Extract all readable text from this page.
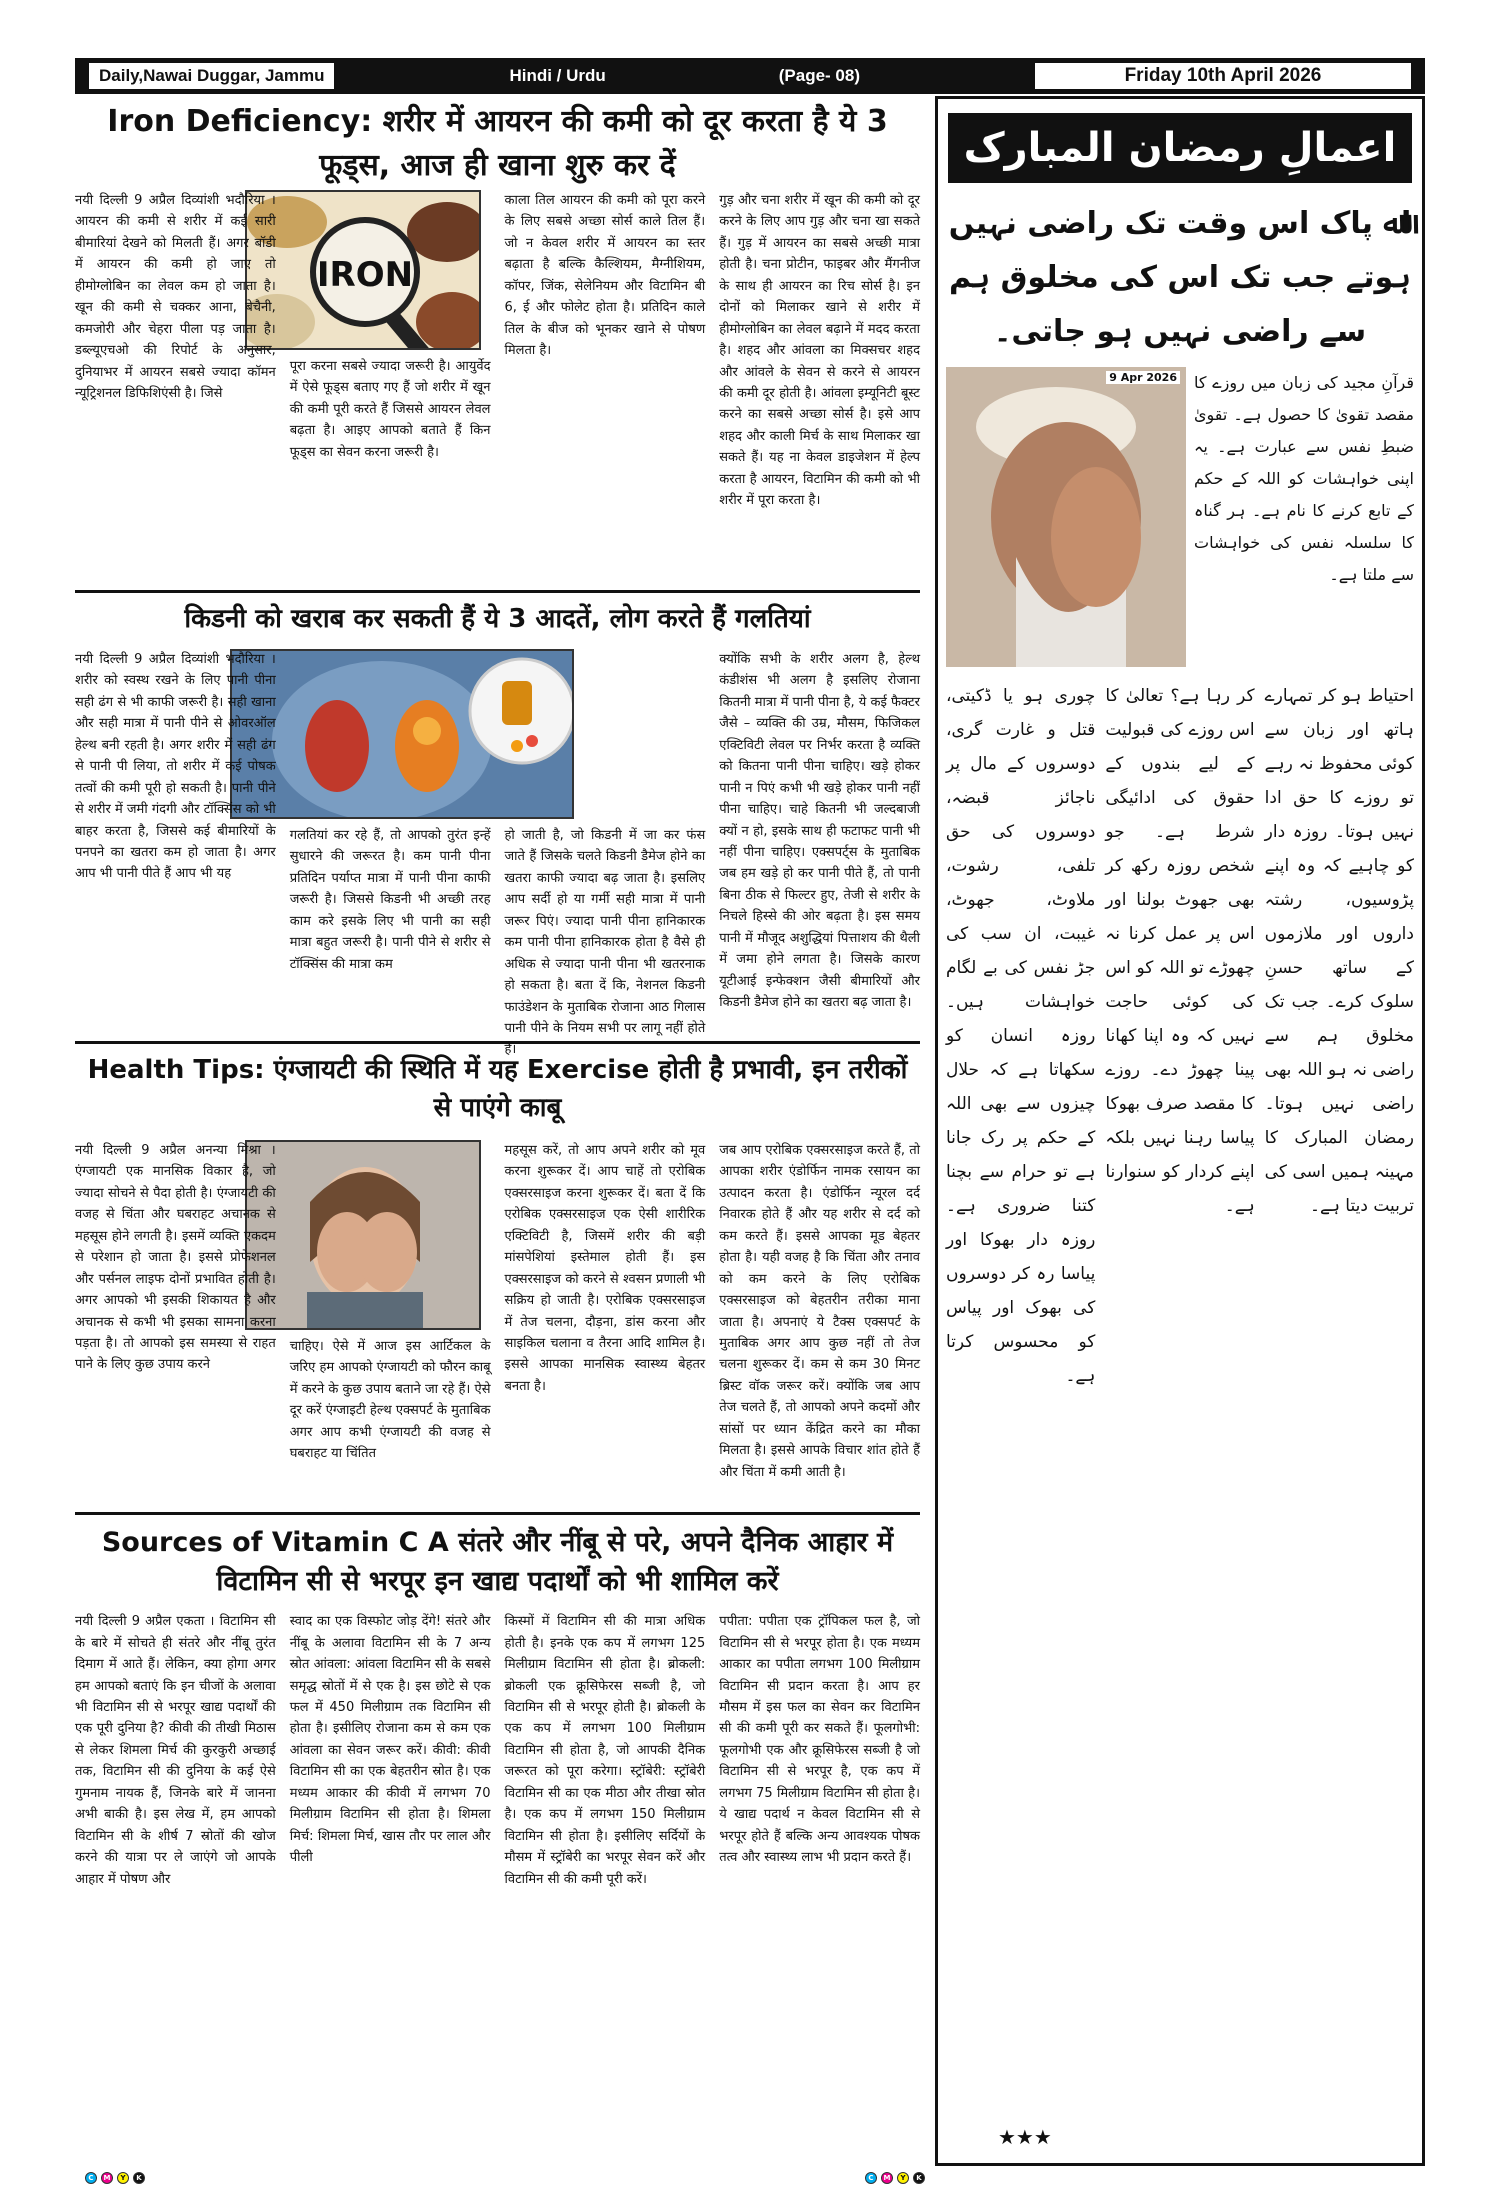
Daily,Nawai Duggar, Jammu	Hindi / Urdu	(Page- 08)	Friday 10th April 2026
Iron Deficiency: शरीर में आयरन की कमी को दूर करता है ये 3 फूड्स, आज ही खाना शुरु कर दें
IRON

नयी दिल्ली 9 अप्रैल दिव्यांशी भदौरिया । आयरन की कमी से शरीर में कई सारी बीमारियां देखने को मिलती हैं। अगर बॉडी में आयरन की कमी हो जाए तो हीमोग्लोबिन का लेवल कम हो जाता है। खून की कमी से चक्कर आना, बेचैनी, कमजोरी और चेहरा पीला पड़ जाता है। डब्ल्यूएचओ की रिपोर्ट के अनुसार, दुनियाभर में आयरन सबसे ज्यादा कॉमन न्यूट्रिशनल डिफिशिएंसी है। जिसे

पूरा करना सबसे ज्यादा जरूरी है। आयुर्वेद में ऐसे फूड्स बताए गए हैं जो शरीर में खून की कमी पूरी करते हैं जिससे आयरन लेवल बढ़ता है। आइए आपको बताते हैं किन फूड्स का सेवन करना जरूरी है।

काला तिल आयरन की कमी को पूरा करने के लिए सबसे अच्छा सोर्स काले तिल हैं। जो न केवल शरीर में आयरन का स्तर बढ़ाता है बल्कि कैल्शियम, मैग्नीशियम, कॉपर, जिंक, सेलेनियम और विटामिन बी 6, ई और फोलेट होता है। प्रतिदिन काले तिल के बीज को भूनकर खाने से पोषण मिलता है।

गुड़ और चना शरीर में खून की कमी को दूर करने के लिए आप गुड़ और चना खा सकते हैं। गुड़ में आयरन का सबसे अच्छी मात्रा होती है। चना प्रोटीन, फाइबर और मैंगनीज के साथ ही आयरन का रिच सोर्स है। इन दोनों को मिलाकर खाने से शरीर में हीमोग्लोबिन का लेवल बढ़ाने में मदद करता है। शहद और आंवला का मिक्सचर शहद और आंवले के सेवन से करने से आयरन की कमी दूर होती है। आंवला इम्यूनिटी बूस्ट करने का सबसे अच्छा सोर्स है। इसे आप शहद और काली मिर्च के साथ मिलाकर खा सकते हैं। यह ना केवल डाइजेशन में हेल्प करता है आयरन, विटामिन की कमी को भी शरीर में पूरा करता है।

किडनी को खराब कर सकती हैं ये 3 आदतें, लोग करते हैं गलतियां

नयी दिल्ली 9 अप्रैल दिव्यांशी भदौरिया । शरीर को स्वस्थ रखने के लिए पानी पीना सही ढंग से भी काफी जरूरी है। सही खाना और सही मात्रा में पानी पीने से ओवरऑल हेल्थ बनी रहती है। अगर शरीर में सही ढंग से पानी पी लिया, तो शरीर में कई पोषक तत्वों की कमी पूरी हो सकती है। पानी पीने से शरीर में जमी गंदगी और टॉक्सिंस को भी बाहर करता है, जिससे कई बीमारियों के पनपने का खतरा कम हो जाता है। अगर आप भी पानी पीते हैं आप भी यह

गलतियां कर रहे हैं, तो आपको तुरंत इन्हें सुधारने की जरूरत है। कम पानी पीना प्रतिदिन पर्याप्त मात्रा में पानी पीना काफी जरूरी है। जिससे किडनी भी अच्छी तरह काम करे इसके लिए भी पानी का सही मात्रा बहुत जरूरी है। पानी पीने से शरीर से टॉक्सिंस की मात्रा कम

हो जाती है, जो किडनी में जा कर फंस जाते हैं जिसके चलते किडनी डैमेज होने का खतरा काफी ज्यादा बढ़ जाता है। इसलिए आप सर्दी हो या गर्मी सही मात्रा में पानी जरूर पिएं। ज्यादा पानी पीना हानिकारक कम पानी पीना हानिकारक होता है वैसे ही अधिक से ज्यादा पानी पीना भी खतरनाक हो सकता है। बता दें कि, नेशनल किडनी फाउंडेशन के मुताबिक रोजाना आठ गिलास पानी पीने के नियम सभी पर लागू नहीं होते हैं।

क्योंकि सभी के शरीर अलग है, हेल्थ कंडीशंस भी अलग है इसलिए रोजाना कितनी मात्रा में पानी पीना है, ये कई फैक्टर जैसे – व्यक्ति की उम्र, मौसम, फिजिकल एक्टिविटी लेवल पर निर्भर करता है व्यक्ति को कितना पानी पीना चाहिए। खड़े होकर पानी न पिएं कभी भी खड़े होकर पानी नहीं पीना चाहिए। चाहे कितनी भी जल्दबाजी क्यों न हो, इसके साथ ही फटाफट पानी भी नहीं पीना चाहिए। एक्सपर्ट्स के मुताबिक जब हम खड़े हो कर पानी पीते हैं, तो पानी बिना ठीक से फिल्टर हुए, तेजी से शरीर के निचले हिस्से की ओर बढ़ता है। इस समय पानी में मौजूद अशुद्धियां पित्ताशय की थैली में जमा होने लगता है। जिसके कारण यूटीआई इन्फेक्शन जैसी बीमारियों और किडनी डैमेज होने का खतरा बढ़ जाता है।

Health Tips: एंग्जायटी की स्थिति में यह Exercise होती है प्रभावी, इन तरीकों से पाएंगे काबू

नयी दिल्ली 9 अप्रैल अनन्या मिश्रा । एंग्जायटी एक मानसिक विकार है, जो ज्यादा सोचने से पैदा होती है। एंग्जायटी की वजह से चिंता और घबराहट अचानक से महसूस होने लगती है। इसमें व्यक्ति एकदम से परेशान हो जाता है। इससे प्रोफेशनल और पर्सनल लाइफ दोनों प्रभावित होती है। अगर आपको भी इसकी शिकायत है और अचानक से कभी भी इसका सामना करना पड़ता है। तो आपको इस समस्या से राहत पाने के लिए कुछ उपाय करने

चाहिए। ऐसे में आज इस आर्टिकल के जरिए हम आपको एंग्जायटी को फौरन काबू में करने के कुछ उपाय बताने जा रहे हैं। ऐसे दूर करें एंग्जाइटी हेल्थ एक्सपर्ट के मुताबिक अगर आप कभी एंग्जायटी की वजह से घबराहट या चिंतित

महसूस करें, तो आप अपने शरीर को मूव करना शुरूकर दें। आप चाहें तो एरोबिक एक्सरसाइज करना शुरूकर दें। बता दें कि एरोबिक एक्सरसाइज एक ऐसी शारीरिक एक्टिविटी है, जिसमें शरीर की बड़ी मांसपेशियां इस्तेमाल होती हैं। इस एक्सरसाइज को करने से श्वसन प्रणाली भी सक्रिय हो जाती है। एरोबिक एक्सरसाइज में तेज चलना, दौड़ना, डांस करना और साइकिल चलाना व तैरना आदि शामिल है। इससे आपका मानसिक स्वास्थ्य बेहतर बनता है।

जब आप एरोबिक एक्सरसाइज करते हैं, तो आपका शरीर एंडोर्फिन नामक रसायन का उत्पादन करता है। एंडोर्फिन न्यूरल दर्द निवारक होते हैं और यह शरीर से दर्द को कम करते हैं। इससे आपका मूड बेहतर होता है। यही वजह है कि चिंता और तनाव को कम करने के लिए एरोबिक एक्सरसाइज को बेहतरीन तरीका माना जाता है। अपनाएं ये टैक्स एक्सपर्ट के मुताबिक अगर आप कुछ नहीं तो तेज चलना शुरूकर दें। कम से कम 30 मिनट ब्रिस्ट वॉक जरूर करें। क्योंकि जब आप तेज चलते हैं, तो आपको अपने कदमों और सांसों पर ध्यान केंद्रित करने का मौका मिलता है। इससे आपके विचार शांत होते हैं और चिंता में कमी आती है।

Sources of Vitamin C A संतरे और नींबू से परे, अपने दैनिक आहार में विटामिन सी से भरपूर इन खाद्य पदार्थों को भी शामिल करें

नयी दिल्ली 9 अप्रैल एकता । विटामिन सी के बारे में सोचते ही संतरे और नींबू तुरंत दिमाग में आते हैं। लेकिन, क्या होगा अगर हम आपको बताएं कि इन चीजों के अलावा भी विटामिन सी से भरपूर खाद्य पदार्थों की एक पूरी दुनिया है? कीवी की तीखी मिठास से लेकर शिमला मिर्च की कुरकुरी अच्छाई तक, विटामिन सी की दुनिया के कई ऐसे गुमनाम नायक हैं, जिनके बारे में जानना अभी बाकी है। इस लेख में, हम आपको विटामिन सी के शीर्ष 7 स्रोतों की खोज करने की यात्रा पर ले जाएंगे जो आपके आहार में पोषण और

स्वाद का एक विस्फोट जोड़ देंगे! संतरे और नींबू के अलावा विटामिन सी के 7 अन्य स्रोत आंवला: आंवला विटामिन सी के सबसे समृद्ध स्रोतों में से एक है। इस छोटे से एक फल में 450 मिलीग्राम तक विटामिन सी होता है। इसीलिए रोजाना कम से कम एक आंवला का सेवन जरूर करें। कीवी: कीवी विटामिन सी का एक बेहतरीन स्रोत है। एक मध्यम आकार की कीवी में लगभग 70 मिलीग्राम विटामिन सी होता है। शिमला मिर्च: शिमला मिर्च, खास तौर पर लाल और पीली

किस्मों में विटामिन सी की मात्रा अधिक होती है। इनके एक कप में लगभग 125 मिलीग्राम विटामिन सी होता है। ब्रोकली: ब्रोकली एक क्रूसिफेरस सब्जी है, जो विटामिन सी से भरपूर होती है। ब्रोकली के एक कप में लगभग 100 मिलीग्राम विटामिन सी होता है, जो आपकी दैनिक जरूरत को पूरा करेगा। स्ट्रॉबेरी: स्ट्रॉबेरी विटामिन सी का एक मीठा और तीखा स्रोत है। एक कप में लगभग 150 मिलीग्राम विटामिन सी होता है। इसीलिए सर्दियों के मौसम में स्ट्रॉबेरी का भरपूर सेवन करें और विटामिन सी की कमी पूरी करें।

पपीता: पपीता एक ट्रॉपिकल फल है, जो विटामिन सी से भरपूर होता है। एक मध्यम आकार का पपीता लगभग 100 मिलीग्राम विटामिन सी प्रदान करता है। आप हर मौसम में इस फल का सेवन कर विटामिन सी की कमी पूरी कर सकते हैं। फूलगोभी: फूलगोभी एक और क्रूसिफेरस सब्जी है जो विटामिन सी से भरपूर है, एक कप में लगभग 75 मिलीग्राम विटामिन सी होता है। ये खाद्य पदार्थ न केवल विटामिन सी से भरपूर होते हैं बल्कि अन्य आवश्यक पोषक तत्व और स्वास्थ्य लाभ भी प्रदान करते हैं।

اعمالِ رمضان المبارک
اﷲ پاک اس وقت تک راضی نہیں ہوتے جب تک اس کی مخلوق ہم سے راضی نہیں ہو جاتی۔
9 Apr 2026 قرآنِ مجید کی زبان میں روزے کا مقصد تقویٰ کا حصول ہے۔ تقویٰ ضبطِ نفس سے عبارت ہے۔ یہ اپنی خواہشات کو اللہ کے حکم کے تابع کرنے کا نام ہے۔ ہر گناہ کا سلسلہ نفس کی خواہشات سے ملتا ہے۔
چوری ہو یا ڈکیتی، قتل و غارت گری، دوسروں کے مال پر ناجائز قبضہ، دوسروں کی حق تلفی، رشوت، ملاوٹ، جھوٹ، غیبت، ان سب کی جڑ نفس کی بے لگام خواہشات ہیں۔ روزہ انسان کو سکھاتا ہے کہ حلال چیزوں سے بھی اللہ کے حکم پر رک جانا ہے تو حرام سے بچنا کتنا ضروری ہے۔ روزہ دار بھوکا اور پیاسا رہ کر دوسروں کی بھوک اور پیاس کو محسوس کرتا ہے۔
کر رہا ہے؟ تعالیٰ کا اس روزے کی قبولیت کے لیے بندوں کے حقوق کی ادائیگی شرط ہے۔ جو شخص روزہ رکھ کر بھی جھوٹ بولنا اور اس پر عمل کرنا نہ چھوڑے تو اللہ کو اس کی کوئی حاجت نہیں کہ وہ اپنا کھانا پینا چھوڑ دے۔ روزے کا مقصد صرف بھوکا پیاسا رہنا نہیں بلکہ اپنے کردار کو سنوارنا ہے۔
احتیاط ہو کر تمہارے ہاتھ اور زبان سے کوئی محفوظ نہ رہے تو روزے کا حق ادا نہیں ہوتا۔ روزہ دار کو چاہیے کہ وہ اپنے پڑوسیوں، رشتہ داروں اور ملازموں کے ساتھ حسنِ سلوک کرے۔ جب تک مخلوق ہم سے راضی نہ ہو اللہ بھی راضی نہیں ہوتا۔ رمضان المبارک کا مہینہ ہمیں اسی کی تربیت دیتا ہے۔
★★★
C	M	Y	K	C	M	Y	K
